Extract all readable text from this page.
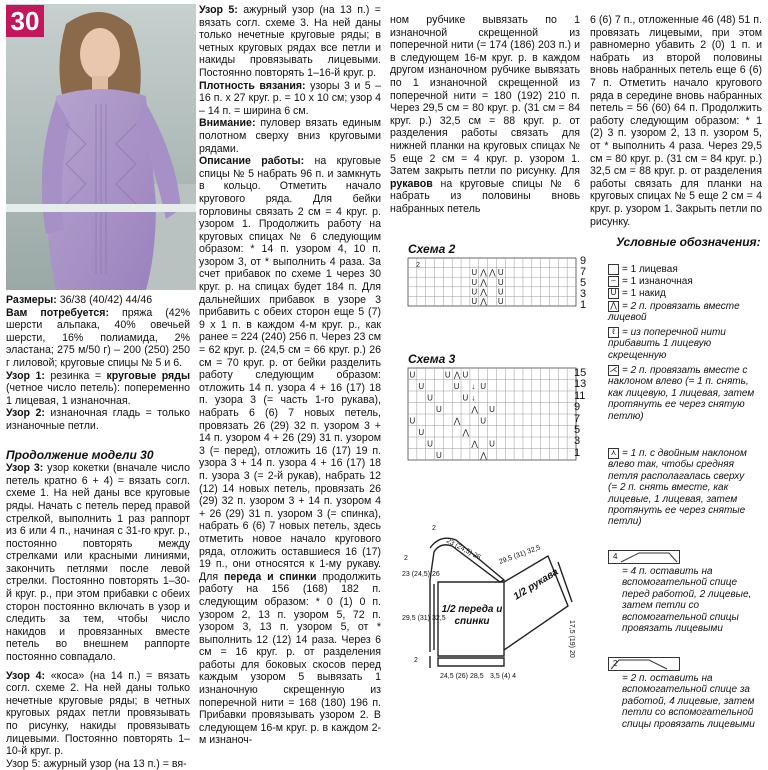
30

Размеры: 36/38 (40/42) 44/46

Вам потребуется: пряжа (42% шерсти альпака, 40% овечьей шерсти, 16% полиамида, 2% эластана; 275 м/50 г) – 200 (250) 250 г лиловой; круговые спицы № 5 и 6.

Узор 1: резинка = круговые ряды (четное число петель): попеременно 1 лицевая, 1 изнаночная.

Узор 2: изнаночная гладь = только изнаночные петли.

Продолжение модели 30

Узор 3: узор кокетки (вначале число петель кратно 6 + 4) = вязать согл. схеме 1. На ней даны все круговые ряды. Начать с петель перед правой стрелкой, выполнить 1 раз раппорт из 6 или 4 п., начиная с 31-го круг. р., постоянно повторять между стрелками или красными линиями, закончить петлями после левой стрелки. Постоянно повторять 1–30-й круг. р., при этом прибавки с обеих сторон постоянно включать в узор и следить за тем, чтобы число накидов и провязанных вместе петель во внешнем раппорте постоянно совпадало.

Узор 4: «коса» (на 14 п.) = вязать согл. схеме 2. На ней даны только нечетные круговые ряды; в четных круговых рядах петли провязывать по рисунку, накиды провязывать лицевыми. Постоянно повторять 1–10-й круг. р.

Узор 5: ажурный узор (на 13 п.) = вя-

Узор 5: ажурный узор (на 13 п.) = вязать согл. схеме 3. На ней даны только нечетные круговые ряды; в четных круговых рядах все петли и накиды провязывать лицевыми. Постоянно повторять 1–16-й круг. р.

Плотность вязания: узоры 3 и 5 – 16 п. х 27 круг. р. = 10 х 10 см; узор 4 – 14 п. = ширина 6 см.

Внимание: пуловер вязать единым полотном сверху вниз круговыми рядами.

Описание работы: на круговые спицы № 5 набрать 96 п. и замкнуть в кольцо. Отметить начало кругового ряда. Для бейки горловины связать 2 см = 4 круг. р. узором 1. Продолжить работу на круговых спицах № 6 следующим образом: * 14 п. узором 4, 10 п. узором 3, от * выполнить 4 раза. За счет прибавок по схеме 1 через 30 круг. р. на спицах будет 184 п. Для дальнейших прибавок в узоре 3 прибавить с обеих сторон еще 5 (7) 9 х 1 п. в каждом 4-м круг. р., как ранее = 224 (240) 256 п. Через 23 см = 62 круг. р. (24,5 см = 66 круг. р.) 26 см = 70 круг. р. от бейки разделить работу следующим образом: отложить 14 п. узора 4 + 16 (17) 18 п. узора 3 (= часть 1-го рукава), набрать 6 (6) 7 новых петель, провязать 26 (29) 32 п. узором 3 + 14 п. узором 4 + 26 (29) 31 п. узором 3 (= перед), отложить 16 (17) 19 п. узора 3 + 14 п. узора 4 + 16 (17) 18 п. узора 3 (= 2-й рукав), набрать 12 (12) 14 новых петель, провязать 26 (29) 32 п. узором 3 + 14 п. узором 4 + 26 (29) 31 п. узором 3 (= спинка), набрать 6 (6) 7 новых петель, здесь отметить новое начало кругового ряда, отложить оставшиеся 16 (17) 19 п., они относятся к 1-му рукаву. Для переда и спинки продолжить работу на 156 (168) 182 п. следующим образом: * 0 (1) 0 п. узором 2, 13 п. узором 5, 72 п. узором 3, 13 п. узором 5, от * выполнить 12 (12) 14 раза. Через 6 см = 16 круг. р. от разделения работы для боковых скосов перед каждым узором 5 вывязать 1 изнаночную скрещенную из поперечной нити = 168 (180) 196 п. Прибавки провязывать узором 2. В следующем 16-м круг. р. в каждом 2-м изнаноч-

ном рубчике вывязать по 1 изнаночной скрещенной из поперечной нити (= 174 (186) 203 п.) и в следующем 16-м круг. р. в каждом другом изнаночном рубчике вывязать по 1 изнаночной скрещенной из поперечной нити = 180 (192) 210 п. Через 29,5 см = 80 круг. р. (31 см = 84 круг. р.) 32,5 см = 88 круг. р. от разделения работы связать для нижней планки на круговых спицах № 5 еще 2 см = 4 круг. р. узором 1. Затем закрыть петли по рисунку. Для рукавов на круговые спицы № 6 набрать из половины вновь набранных петель

6 (6) 7 п., отложенные 46 (48) 51 п. провязать лицевыми, при этом равномерно убавить 2 (0) 1 п. и набрать из второй половины вновь набранных петель еще 6 (6) 7 п. Отметить начало кругового ряда в середине вновь набранных петель = 56 (60) 64 п. Продолжить работу следующим образом: * 1 (2) 3 п. узором 2, 13 п. узором 5, от * выполнить 4 раза. Через 29,5 см = 80 круг. р. (31 см = 84 круг. р.) 32,5 см = 88 круг. р. от разделения работы связать для планки на круговых спицах № 5 еще 2 см = 4 круг. р. узором 1. Закрыть петли по рисунку.

Схема 2
U ⋀ ⋀ U
U ⋀ U
U ⋀ U
U ⋀ U
2	9
7
5
3
1
Схема 3
U	U ⋀ U
U	U ↓ U
U	U ↓
U	⋀ U
U	⋀ U
U	⋀
U	⋀ U
U	⋀
15
13
11
9
7
5
3
1
23 (24,5) 26 29,5 (31) 32,5
2
2
23 (24,5) 26
29,5 (31) 32,5
2
17,5 (19) 20
24,5 (26) 28,5 3,5 (4) 4
1/2 рукава
1/2 переда и спинки
Условные обозначения:
= 1 лицевая
– = 1 изнаночная
U = 1 накид
⋀ = 2 п. провязать вместе лицевой
ℓ = из поперечной нити прибавить 1 лицевую скрещенную
⋌ = 2 п. провязать вместе с наклоном влево (= 1 п. снять, как лицевую, 1 лицевая, затем протянуть ее через снятую петлю)
⋏ = 1 п. с двойным наклоном влево так, чтобы средняя петля располагалась сверху (= 2 п. снять вместе, как лицевые, 1 лицевая, затем протянуть ее через снятые петли)
4
= 4 п. оставить на вспомогательной спице перед работой, 2 лицевые, затем петли со вспомогательной спицы провязать лицевыми
2
= 2 п. оставить на вспомогательной спице за работой, 4 лицевые, затем петли со вспомогательной спицы провязать лицевыми
